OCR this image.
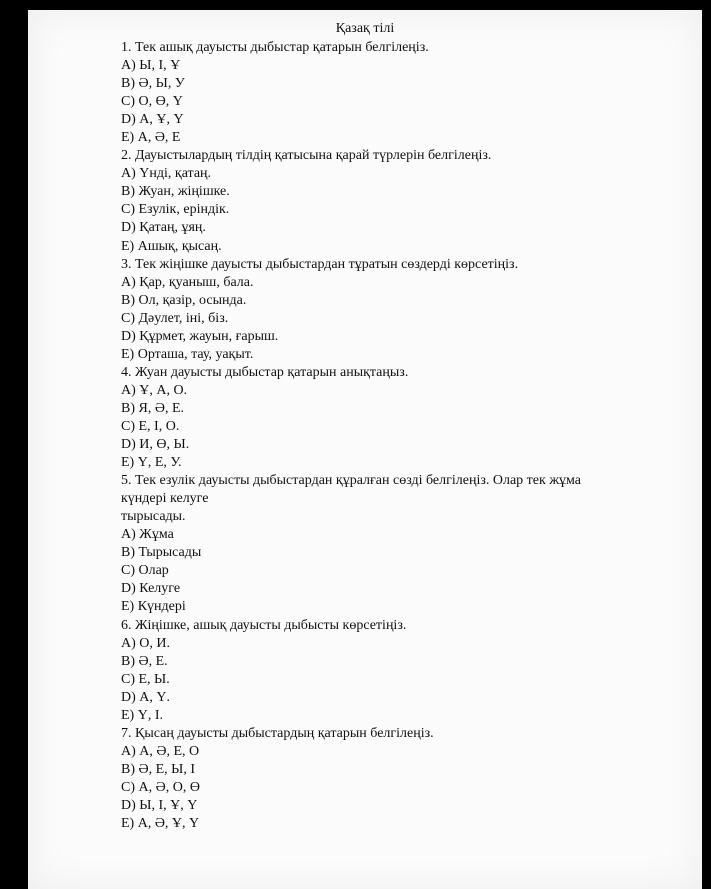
Қазақ тілі

1. Тек ашық дауысты дыбыстар қатарын белгілеңіз.

А) Ы, І, Ұ

В) Ә, Ы, У

С) О, Ө, Ү

D) А, Ұ, Ү

Е) А, Ә, Е

2. Дауыстылардың тілдің қатысына қарай түрлерін белгілеңіз.

А) Үнді, қатаң.

В) Жуан, жіңішке.

С) Езулік, еріндік.

D) Қатаң, ұяң.

Е) Ашық, қысаң.

3. Тек жіңішке дауысты дыбыстардан тұратын сөздерді көрсетіңіз.

А) Қар, қуаныш, бала.

В) Ол, қазір, осында.

С) Дәулет, іні, біз.

D) Құрмет, жауын, ғарыш.

Е) Орташа, тау, уақыт.

4. Жуан дауысты дыбыстар қатарын анықтаңыз.

А) Ұ, А, О.

В) Я, Ә, Е.

С) Е, І, О.

D) И, Ө, Ы.

Е) Ү, Е, У.

5. Тек езулік дауысты дыбыстардан құралған сөзді белгілеңіз. Олар тек жұма

күндері келуге

тырысады.

А) Жұма

В) Тырысады

С) Олар

D) Келуге

Е) Күндері

6. Жіңішке, ашық дауысты дыбысты көрсетіңіз.

А) О, И.

В) Ә, Е.

С) Е, Ы.

D) А, Ү.

Е) Ү, І.

7. Қысаң дауысты дыбыстардың қатарын белгілеңіз.

А) А, Ә, Е, О

В) Ә, Е, Ы, І

С) А, Ә, О, Ө

D) Ы, І, Ұ, Ү

Е) А, Ә, Ұ, Ү
